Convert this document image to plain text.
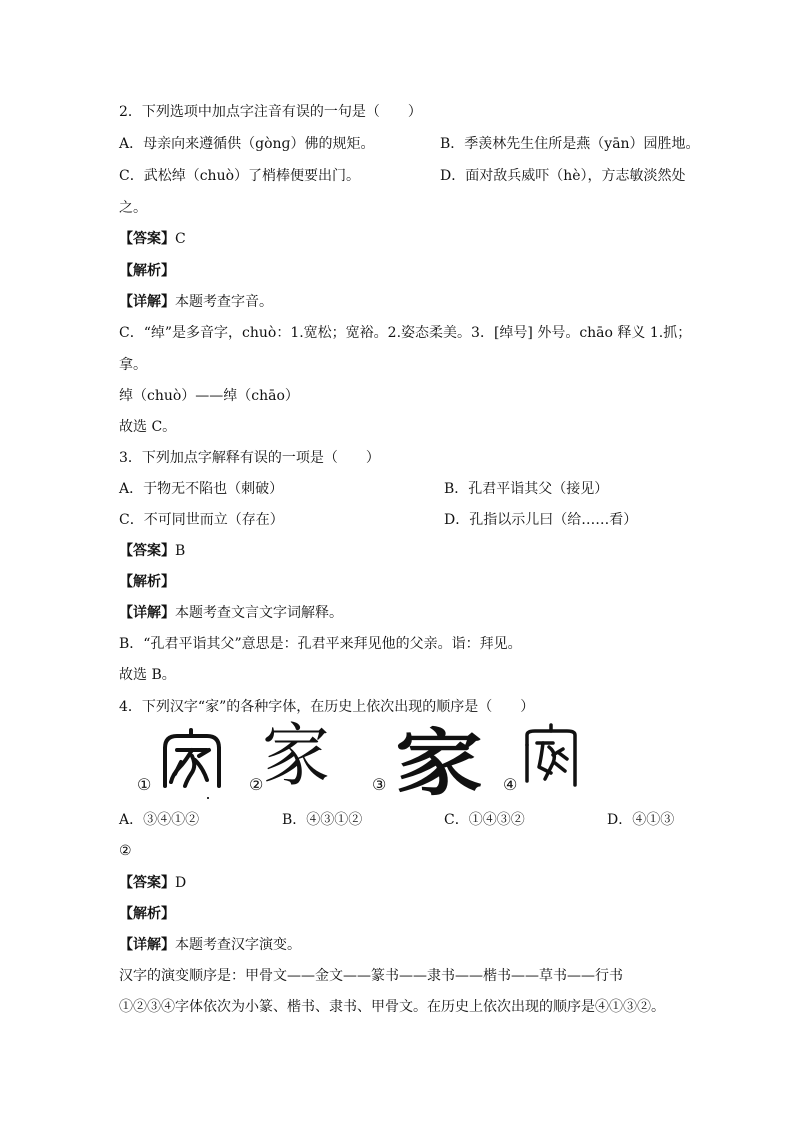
2．下列选项中加点字注音有误的一句是（　　）
A．母亲向来遵循供（gònɡ）佛的规矩。	B．季羡林先生住所是燕（yān）园胜地。
C．武松绰（chuò）了梢棒便要出门。	D．面对敌兵威吓（hè），方志敏淡然处
之。
【答案】C
【解析】
【详解】本题考查字音。
C．“绰”是多音字，chuò：1.宽松；宽裕。2.姿态柔美。3．[绰号] 外号。chāo 释义 1.抓；
拿。
绰（chuò）——绰（chāo）
故选 C。
3．下列加点字解释有误的一项是（　　）
A．于物无不陷也（刺破）	B．孔君平诣其父（接见）
C．不可同世而立（存在）	D．孔指以示儿曰（给……看）
【答案】B
【解析】
【详解】本题考查文言文字词解释。
B．“孔君平诣其父”意思是：孔君平来拜见他的父亲。诣：拜见。
故选 B。
4．下列汉字“家”的各种字体，在历史上依次出现的顺序是（　　）
①	②
家	③ 家 ④
A．③④①②	B．④③①②	C．①④③②	D．④①③
②
【答案】D
【解析】
【详解】本题考查汉字演变。
汉字的演变顺序是：甲骨文——金文——篆书——隶书——楷书——草书——行书
①②③④字体依次为小篆、楷书、隶书、甲骨文。在历史上依次出现的顺序是④①③②。
